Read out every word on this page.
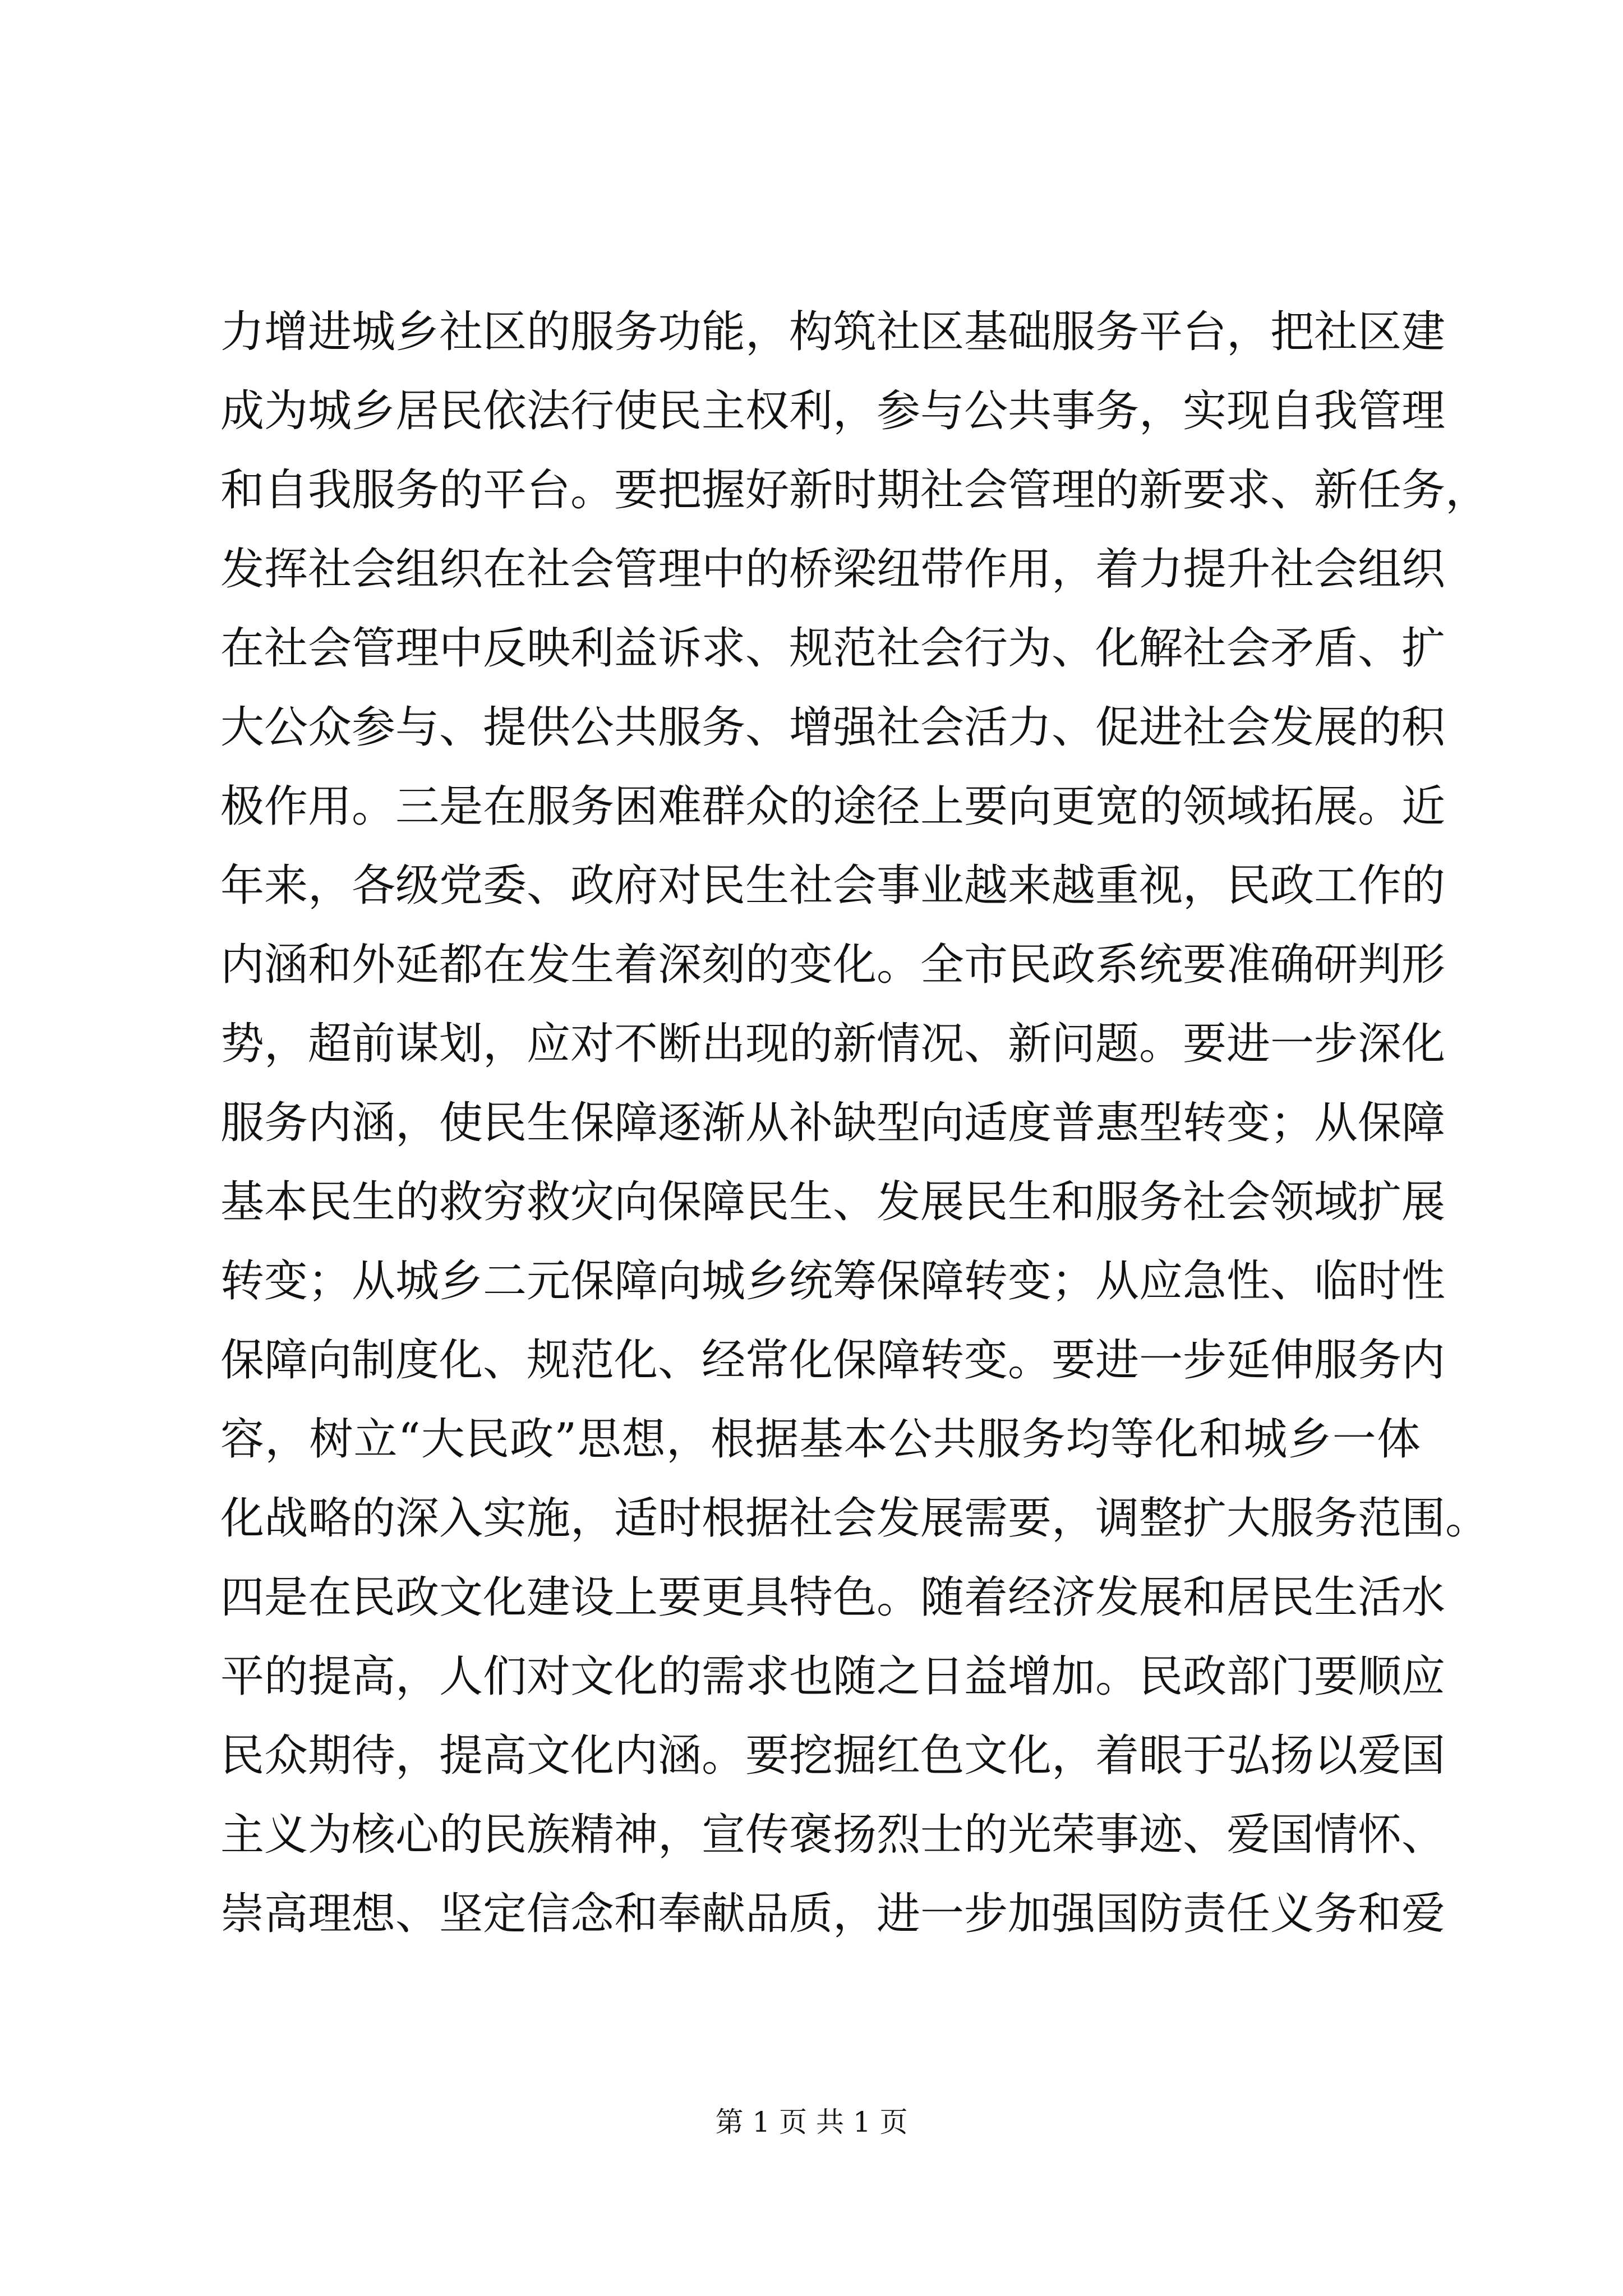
力增进城乡社区的服务功能，构筑社区基础服务平台，把社区建
成为城乡居民依法行使民主权利，参与公共事务，实现自我管理
和自我服务的平台。要把握好新时期社会管理的新要求、新任务，
发挥社会组织在社会管理中的桥梁纽带作用，着力提升社会组织
在社会管理中反映利益诉求、规范社会行为、化解社会矛盾、扩
大公众参与、提供公共服务、增强社会活力、促进社会发展的积
极作用。三是在服务困难群众的途径上要向更宽的领域拓展。近
年来，各级党委、政府对民生社会事业越来越重视，民政工作的
内涵和外延都在发生着深刻的变化。全市民政系统要准确研判形
势，超前谋划，应对不断出现的新情况、新问题。要进一步深化
服务内涵，使民生保障逐渐从补缺型向适度普惠型转变；从保障
基本民生的救穷救灾向保障民生、发展民生和服务社会领域扩展
转变；从城乡二元保障向城乡统筹保障转变；从应急性、临时性
保障向制度化、规范化、经常化保障转变。要进一步延伸服务内
容，树立“大民政”思想，根据基本公共服务均等化和城乡一体
化战略的深入实施，适时根据社会发展需要，调整扩大服务范围。
四是在民政文化建设上要更具特色。随着经济发展和居民生活水
平的提高，人们对文化的需求也随之日益增加。民政部门要顺应
民众期待，提高文化内涵。要挖掘红色文化，着眼于弘扬以爱国
主义为核心的民族精神，宣传褒扬烈士的光荣事迹、爱国情怀、
崇高理想、坚定信念和奉献品质，进一步加强国防责任义务和爱
第 1 页 共 1 页
